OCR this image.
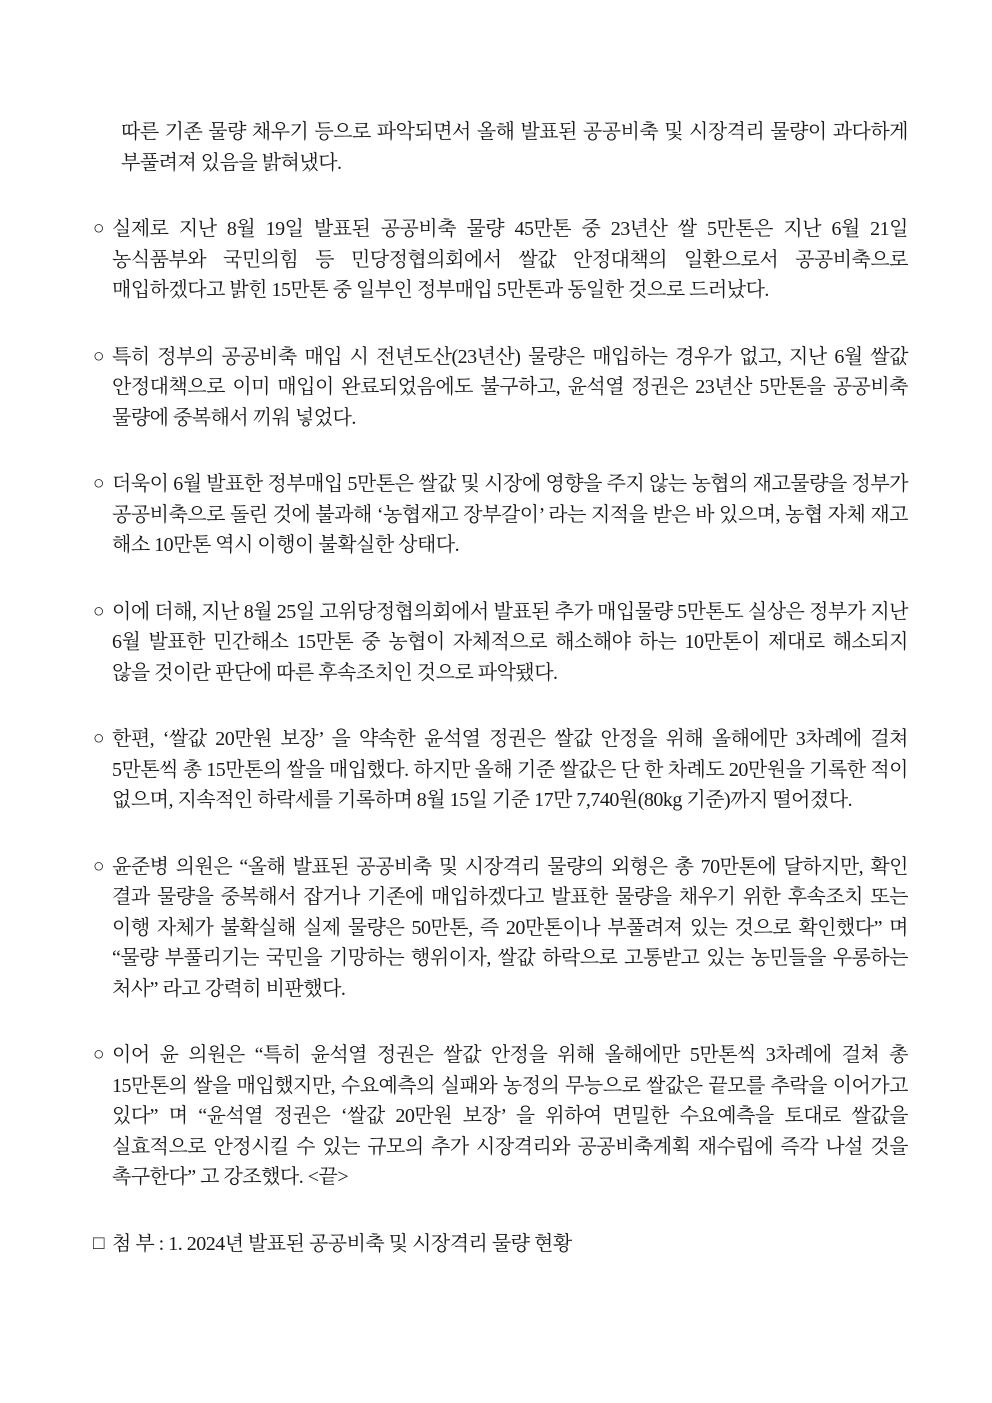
따른 기존 물량 채우기 등으로 파악되면서 올해 발표된 공공비축 및 시장격리 물량이 과다하게 부풀려져 있음을 밝혀냈다.
○ 실제로 지난 8월 19일 발표된 공공비축 물량 45만톤 중 23년산 쌀 5만톤은 지난 6월 21일 농식품부와 국민의힘 등 민당정협의회에서 쌀값 안정대책의 일환으로서 공공비축으로 매입하겠다고 밝힌 15만톤 중 일부인 정부매입 5만톤과 동일한 것으로 드러났다.
○ 특히 정부의 공공비축 매입 시 전년도산(23년산) 물량은 매입하는 경우가 없고, 지난 6월 쌀값 안정대책으로 이미 매입이 완료되었음에도 불구하고, 윤석열 정권은 23년산 5만톤을 공공비축 물량에 중복해서 끼워 넣었다.
○ 더욱이 6월 발표한 정부매입 5만톤은 쌀값 및 시장에 영향을 주지 않는 농협의 재고물량을 정부가 공공비축으로 돌린 것에 불과해 ‘농협재고 장부갈이’ 라는 지적을 받은 바 있으며, 농협 자체 재고 해소 10만톤 역시 이행이 불확실한 상태다.
○ 이에 더해, 지난 8월 25일 고위당정협의회에서 발표된 추가 매입물량 5만톤도 실상은 정부가 지난 6월 발표한 민간해소 15만톤 중 농협이 자체적으로 해소해야 하는 10만톤이 제대로 해소되지 않을 것이란 판단에 따른 후속조치인 것으로 파악됐다.
○ 한편, ‘쌀값 20만원 보장’ 을 약속한 윤석열 정권은 쌀값 안정을 위해 올해에만 3차례에 걸쳐 5만톤씩 총 15만톤의 쌀을 매입했다. 하지만 올해 기준 쌀값은 단 한 차례도 20만원을 기록한 적이 없으며, 지속적인 하락세를 기록하며 8월 15일 기준 17만 7,740원(80kg 기준)까지 떨어졌다.
○ 윤준병 의원은 “올해 발표된 공공비축 및 시장격리 물량의 외형은 총 70만톤에 달하지만, 확인 결과 물량을 중복해서 잡거나 기존에 매입하겠다고 발표한 물량을 채우기 위한 후속조치 또는 이행 자체가 불확실해 실제 물량은 50만톤, 즉 20만톤이나 부풀려져 있는 것으로 확인했다” 며 “물량 부풀리기는 국민을 기망하는 행위이자, 쌀값 하락으로 고통받고 있는 농민들을 우롱하는 처사” 라고 강력히 비판했다.
○ 이어 윤 의원은 “특히 윤석열 정권은 쌀값 안정을 위해 올해에만 5만톤씩 3차례에 걸쳐 총 15만톤의 쌀을 매입했지만, 수요예측의 실패와 농정의 무능으로 쌀값은 끝모를 추락을 이어가고 있다” 며 “윤석열 정권은 ‘쌀값 20만원 보장’ 을 위하여 면밀한 수요예측을 토대로 쌀값을 실효적으로 안정시킬 수 있는 규모의 추가 시장격리와 공공비축계획 재수립에 즉각 나설 것을 촉구한다” 고 강조했다. <끝>
□ 첨 부 : 1. 2024년 발표된 공공비축 및 시장격리 물량 현황
